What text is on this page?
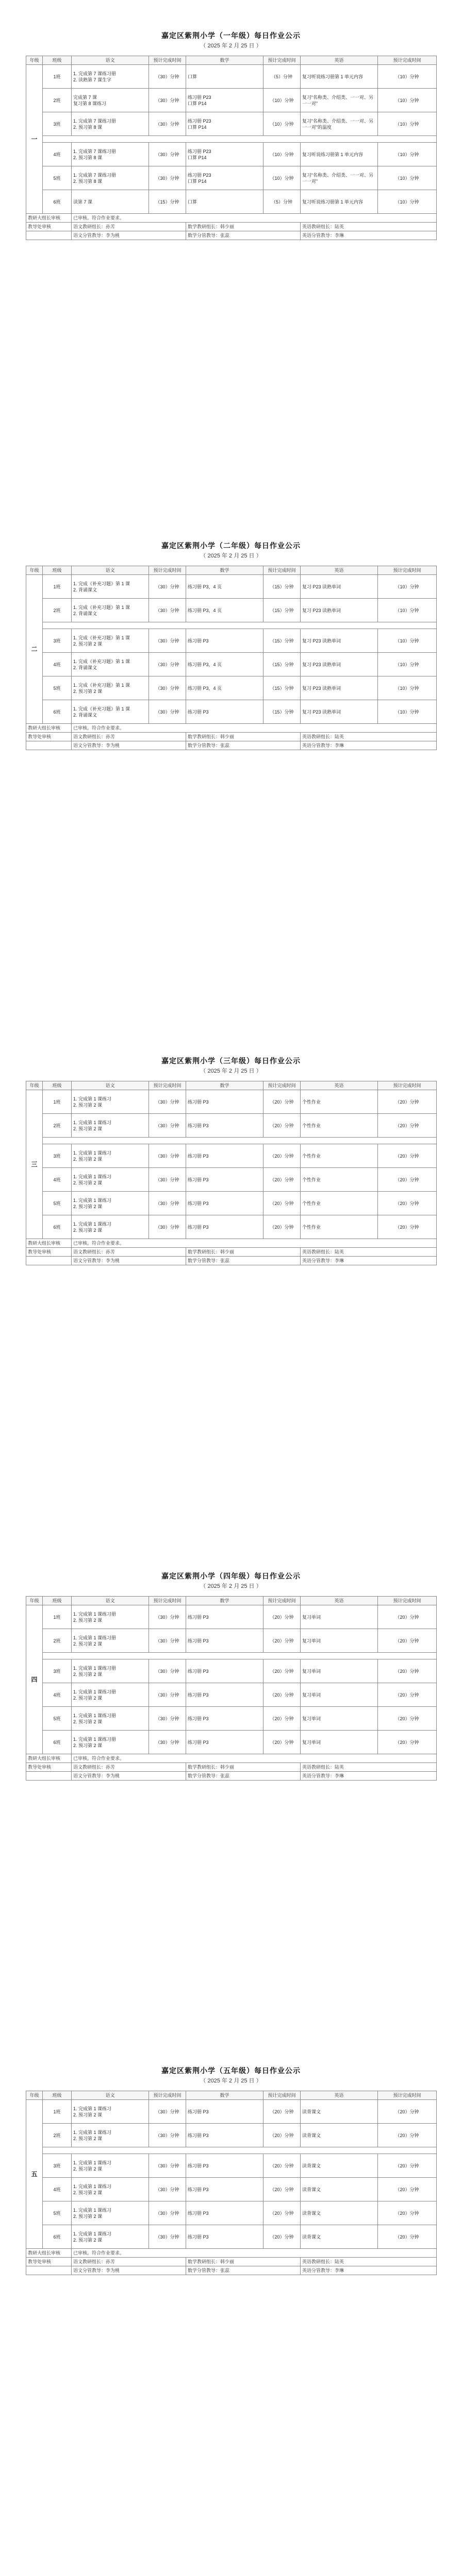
嘉定区紫荆小学（一年级）每日作业公示
（ 2025 年 2 月 25 日 ）
年级	班级	语文	预计完成时间	数学	预计完成时间	英语	预计完成时间
一	1班	1. 完成第 7 课练习册
2. 读熟第 7 课生字	（30）分钟	口算	（5）分钟	复习听说练习册第 1 单元内容	（10）分钟
	2班	完成第 7 课
复习第 8 课练习	（30）分钟	练习册 P23
口算 P14	（10）分钟	复习“名称类、介绍类、一一对、另一一对”	（10）分钟
	3班	1. 完成第 7 课练习册
2. 预习第 8 课	（30）分钟	练习册 P23
口算 P14	（10）分钟	复习“名称类、介绍类、一一对、另一一对”的温度	（10）分钟

	4班	1. 完成第 7 课练习册
2. 预习第 8 课	（30）分钟	练习册 P23
口算 P14	（10）分钟	复习听说练习册第 1 单元内容	（10）分钟
	5班	1. 完成第 7 课练习册
2. 预习第 8 课	（30）分钟	练习册 P23
口算 P14	（10）分钟	复习“名称类、介绍类、一一对、另一一对”	（10）分钟
	6班	读第 7 课	（15）分钟	口算	（5）分钟	复习听说练习册第 1 单元内容	（10）分钟
教研大组长审核		已审核。符合作业要求。					
教导处审核		语文教研组长：孙芳		数学教研组长：韩少丽		英语教研组长：陆英	
		语文分管教导：李为桃		数学分管教导：张蕊		英语分管教导：李琳	
嘉定区紫荆小学（二年级）每日作业公示
（ 2025 年 2 月 25 日 ）
年级	班级	语文	预计完成时间	数学	预计完成时间	英语	预计完成时间
二	1班	1. 完成《补充习题》第 1 课
2. 背诵课文	（30）分钟	练习册 P3，4 页	（15）分钟	复习 P23 读熟单词	（10）分钟
	2班	1. 完成《补充习题》第 1 课
2. 背诵课文	（30）分钟	练习册 P3，4 页	（15）分钟	复习 P23 读熟单词	（10）分钟

	3班	1. 完成《补充习题》第 1 课
2. 预习第 2 课	（30）分钟	练习册 P3	（15）分钟	复习 P23 读熟单词	（10）分钟
	4班	1. 完成《补充习题》第 1 课
2. 背诵课文	（30）分钟	练习册 P3，4 页	（15）分钟	复习 P23 读熟单词	（10）分钟
	5班	1. 完成《补充习题》第 1 课
2. 预习第 2 课	（30）分钟	练习册 P3，4 页	（15）分钟	复习 P23 读熟单词	（10）分钟
	6班	1. 完成《补充习题》第 1 课
2. 背诵课文	（30）分钟	练习册 P3	（15）分钟	复习 P23 读熟单词	（10）分钟
教研大组长审核		已审核。符合作业要求。					
教导处审核		语文教研组长：孙芳		数学教研组长：韩少丽		英语教研组长：陆英	
		语文分管教导：李为桃		数学分管教导：张蕊		英语分管教导：李琳	
嘉定区紫荆小学（三年级）每日作业公示
（ 2025 年 2 月 25 日 ）
年级	班级	语文	预计完成时间	数学	预计完成时间	英语	预计完成时间
三	1班	1. 完成第 1 课练习
2. 预习第 2 课	（30）分钟	练习册 P3	（20）分钟	个性作业	（20）分钟
	2班	1. 完成第 1 课练习
2. 预习第 2 课	（30）分钟	练习册 P3	（20）分钟	个性作业	（20）分钟

	3班	1. 完成第 1 课练习
2. 预习第 2 课	（30）分钟	练习册 P3	（20）分钟	个性作业	（20）分钟
	4班	1. 完成第 1 课练习
2. 预习第 2 课	（30）分钟	练习册 P3	（20）分钟	个性作业	（20）分钟
	5班	1. 完成第 1 课练习
2. 预习第 2 课	（30）分钟	练习册 P3	（20）分钟	个性作业	（20）分钟
	6班	1. 完成第 1 课练习
2. 预习第 2 课	（30）分钟	练习册 P3	（20）分钟	个性作业	（20）分钟
教研大组长审核		已审核。符合作业要求。					
教导处审核		语文教研组长：孙芳		数学教研组长：韩少丽		英语教研组长：陆英	
		语文分管教导：李为桃		数学分管教导：张蕊		英语分管教导：李琳	
嘉定区紫荆小学（四年级）每日作业公示
（ 2025 年 2 月 25 日 ）
年级	班级	语文	预计完成时间	数学	预计完成时间	英语	预计完成时间
四	1班	1. 完成第 1 课练习册
2. 预习第 2 课	（30）分钟	练习册 P3	（20）分钟	复习单词	（20）分钟
	2班	1. 完成第 1 课练习册
2. 预习第 2 课	（30）分钟	练习册 P3	（20）分钟	复习单词	（20）分钟

	3班	1. 完成第 1 课练习册
2. 预习第 2 课	（30）分钟	练习册 P3	（20）分钟	复习单词	（20）分钟
	4班	1. 完成第 1 课练习册
2. 预习第 2 课	（30）分钟	练习册 P3	（20）分钟	复习单词	（20）分钟
	5班	1. 完成第 1 课练习册
2. 预习第 2 课	（30）分钟	练习册 P3	（20）分钟	复习单词	（20）分钟
	6班	1. 完成第 1 课练习册
2. 预习第 2 课	（30）分钟	练习册 P3	（20）分钟	复习单词	（20）分钟
教研大组长审核		已审核。符合作业要求。					
教导处审核		语文教研组长：孙芳		数学教研组长：韩少丽		英语教研组长：陆英	
		语文分管教导：李为桃		数学分管教导：张蕊		英语分管教导：李琳	
嘉定区紫荆小学（五年级）每日作业公示
（ 2025 年 2 月 25 日 ）
年级	班级	语文	预计完成时间	数学	预计完成时间	英语	预计完成时间
五	1班	1. 完成第 1 课练习
2. 预习第 2 课	（30）分钟	练习册 P3	（20）分钟	读背课文	（20）分钟
	2班	1. 完成第 1 课练习
2. 预习第 2 课	（30）分钟	练习册 P3	（20）分钟	读背课文	（20）分钟

	3班	1. 完成第 1 课练习
2. 预习第 2 课	（30）分钟	练习册 P3	（20）分钟	读背课文	（20）分钟
	4班	1. 完成第 1 课练习
2. 预习第 2 课	（30）分钟	练习册 P3	（20）分钟	读背课文	（20）分钟
	5班	1. 完成第 1 课练习
2. 预习第 2 课	（30）分钟	练习册 P3	（20）分钟	读背课文	（20）分钟
	6班	1. 完成第 1 课练习
2. 预习第 2 课	（30）分钟	练习册 P3	（20）分钟	读背课文	（20）分钟
教研大组长审核		已审核。符合作业要求。					
教导处审核		语文教研组长：孙芳		数学教研组长：韩少丽		英语教研组长：陆英	
		语文分管教导：李为桃		数学分管教导：张蕊		英语分管教导：李琳	
